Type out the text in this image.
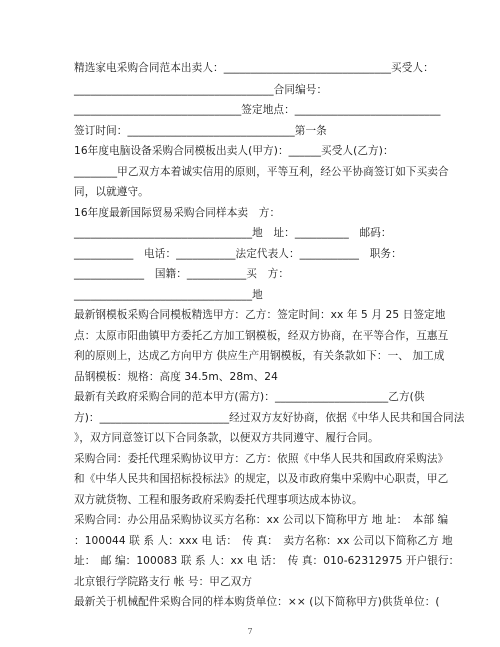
精选家电采购合同范本出卖人：_______________________________买受人：
_____________________________________合同编号：
_______________________________签定地点：___________________________
签订时间：_______________________________第一条
16年度电脑设备采购合同模板出卖人(甲方)：______买受人(乙方)：
________甲乙双方本着诚实信用的原则，平等互利，经公平协商签订如下买卖合
同，以就遵守。
16年度最新国际贸易采购合同样本卖　方：
_________________________________地　址：__________　邮码：
___________　电话：___________法定代表人：___________　职务：
_____________　国籍：___________买　方：
_________________________________地
最新钢模板采购合同模板精选甲方：乙方：签定时间：xx 年 5 月 25 日签定地
点：太原市阳曲镇甲方委托乙方加工钢模板，经双方协商，在平等合作，互惠互
利的原则上，达成乙方向甲方 供应生产用钢模板，有关条款如下：一、 加工成
品钢模板：规格：高度 34.5m、28m、24
最新有关政府采购合同的范本甲方(需方)：_____________________乙方(供
方)：________________________经过双方友好协商，依据《中华人民共和国合同法
》，双方同意签订以下合同条款，以便双方共同遵守、履行合同。
采购合同：委托代理采购协议甲方：乙方：依照《中华人民共和国政府采购法》
和《中华人民共和国招标投标法》的规定，以及市政府集中采购中心职责，甲乙
双方就货物、工程和服务政府采购委托代理事项达成本协议。
采购合同：办公用品采购协议买方名称：xx 公司以下简称甲方 地 址：　本部 编
：100044 联 系 人：xxx 电 话：　传 真：　卖方名称：xx 公司以下简称乙方 地
址：　邮 编：100083 联 系 人：xx 电 话：　传 真：010-62312975 开户银行：
北京银行学院路支行 帐 号：甲乙双方
最新关于机械配件采购合同的样本购货单位：×× (以下简称甲方)供货单位：(
7
